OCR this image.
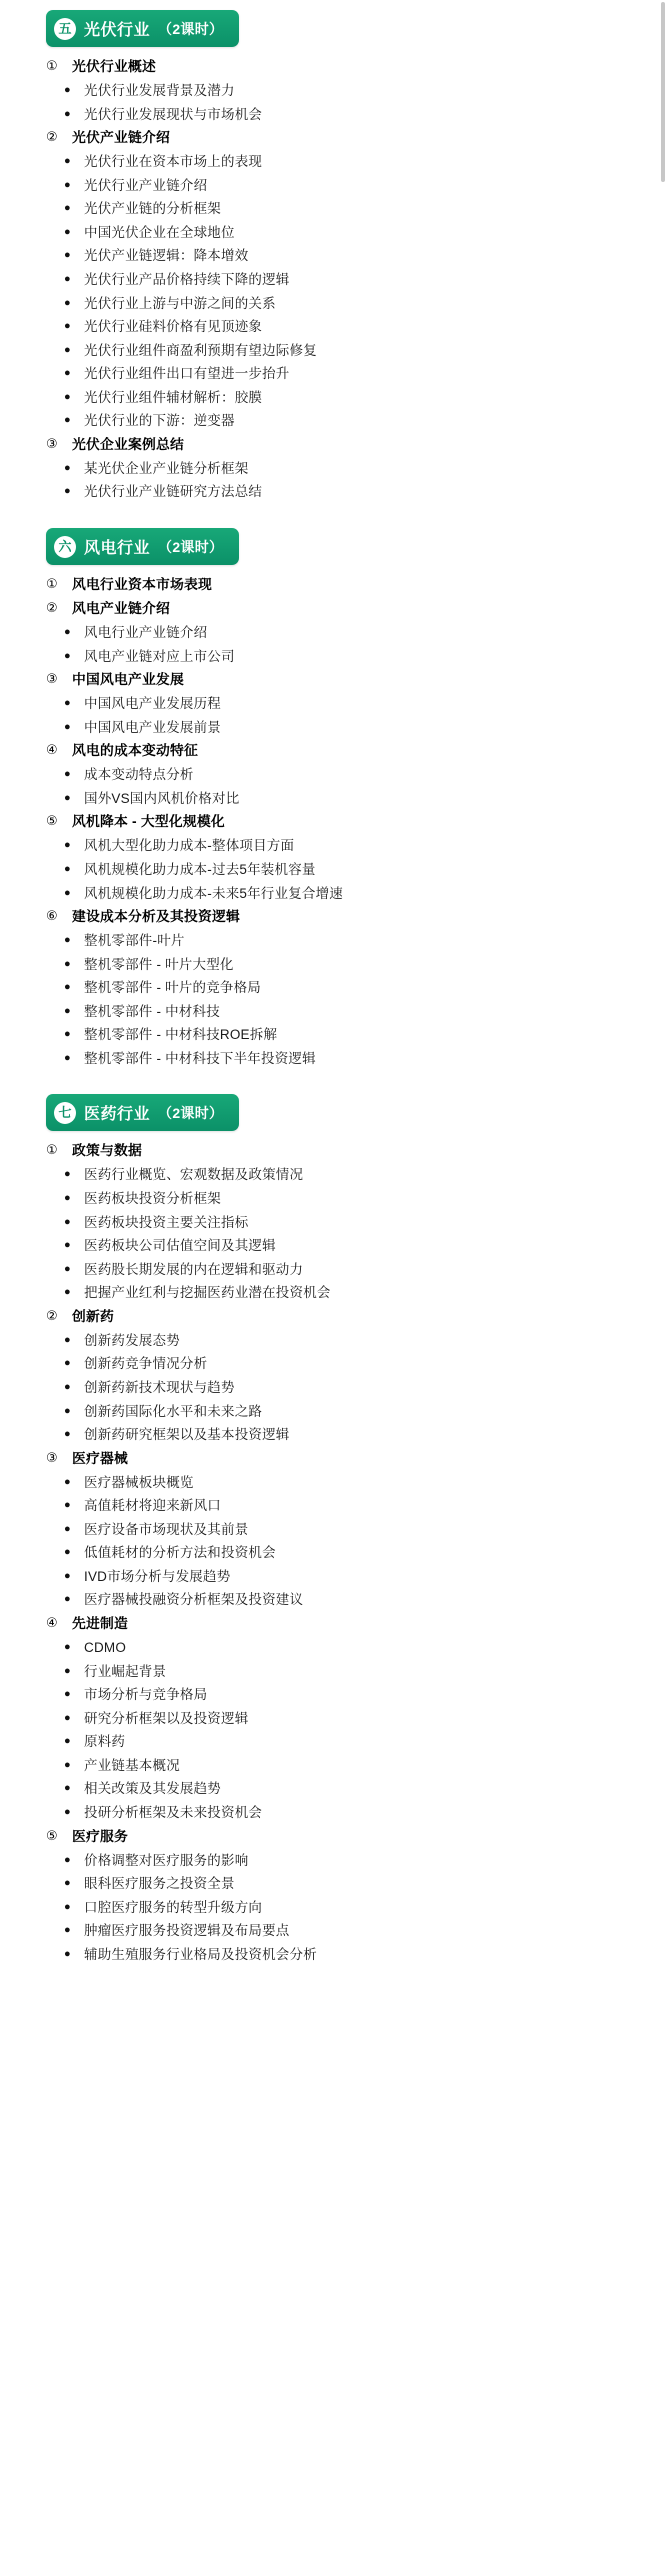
五 光伏行业 （2课时）
①	光伏行业概述
● 光伏行业发展背景及潜力
● 光伏行业发展现状与市场机会
②	光伏产业链介绍
● 光伏行业在资本市场上的表现
● 光伏行业产业链介绍
● 光伏产业链的分析框架
● 中国光伏企业在全球地位
● 光伏产业链逻辑：降本增效
● 光伏行业产品价格持续下降的逻辑
● 光伏行业上游与中游之间的关系
● 光伏行业硅料价格有见顶迹象
● 光伏行业组件商盈利预期有望边际修复
● 光伏行业组件出口有望进一步抬升
● 光伏行业组件辅材解析：胶膜
● 光伏行业的下游：逆变器
③	光伏企业案例总结
● 某光伏企业产业链分析框架
● 光伏行业产业链研究方法总结
六 风电行业 （2课时）
①	风电行业资本市场表现
②	风电产业链介绍
● 风电行业产业链介绍
● 风电产业链对应上市公司
③	中国风电产业发展
● 中国风电产业发展历程
● 中国风电产业发展前景
④	风电的成本变动特征
● 成本变动特点分析
● 国外VS国内风机价格对比
⑤	风机降本 - 大型化规模化
● 风机大型化助力成本-整体项目方面
● 风机规模化助力成本-过去5年装机容量
● 风机规模化助力成本-未来5年行业复合增速
⑥	建设成本分析及其投资逻辑
● 整机零部件-叶片
● 整机零部件 - 叶片大型化
● 整机零部件 - 叶片的竞争格局
● 整机零部件 - 中材科技
● 整机零部件 - 中材科技ROE拆解
● 整机零部件 - 中材科技下半年投资逻辑
七 医药行业 （2课时）
①	政策与数据
● 医药行业概览、宏观数据及政策情况
● 医药板块投资分析框架
● 医药板块投资主要关注指标
● 医药板块公司估值空间及其逻辑
● 医药股长期发展的内在逻辑和驱动力
● 把握产业红利与挖掘医药业潜在投资机会
②	创新药
● 创新药发展态势
● 创新药竞争情况分析
● 创新药新技术现状与趋势
● 创新药国际化水平和未来之路
● 创新药研究框架以及基本投资逻辑
③	医疗器械
● 医疗器械板块概览
● 高值耗材将迎来新风口
● 医疗设备市场现状及其前景
● 低值耗材的分析方法和投资机会
● IVD市场分析与发展趋势
● 医疗器械投融资分析框架及投资建议
④	先进制造
● CDMO
● 行业崛起背景
● 市场分析与竞争格局
● 研究分析框架以及投资逻辑
● 原料药
● 产业链基本概况
● 相关改策及其发展趋势
● 投研分析框架及未来投资机会
⑤	医疗服务
● 价格调整对医疗服务的影响
● 眼科医疗服务之投资全景
● 口腔医疗服务的转型升级方向
● 肿瘤医疗服务投资逻辑及布局要点
● 辅助生殖服务行业格局及投资机会分析
